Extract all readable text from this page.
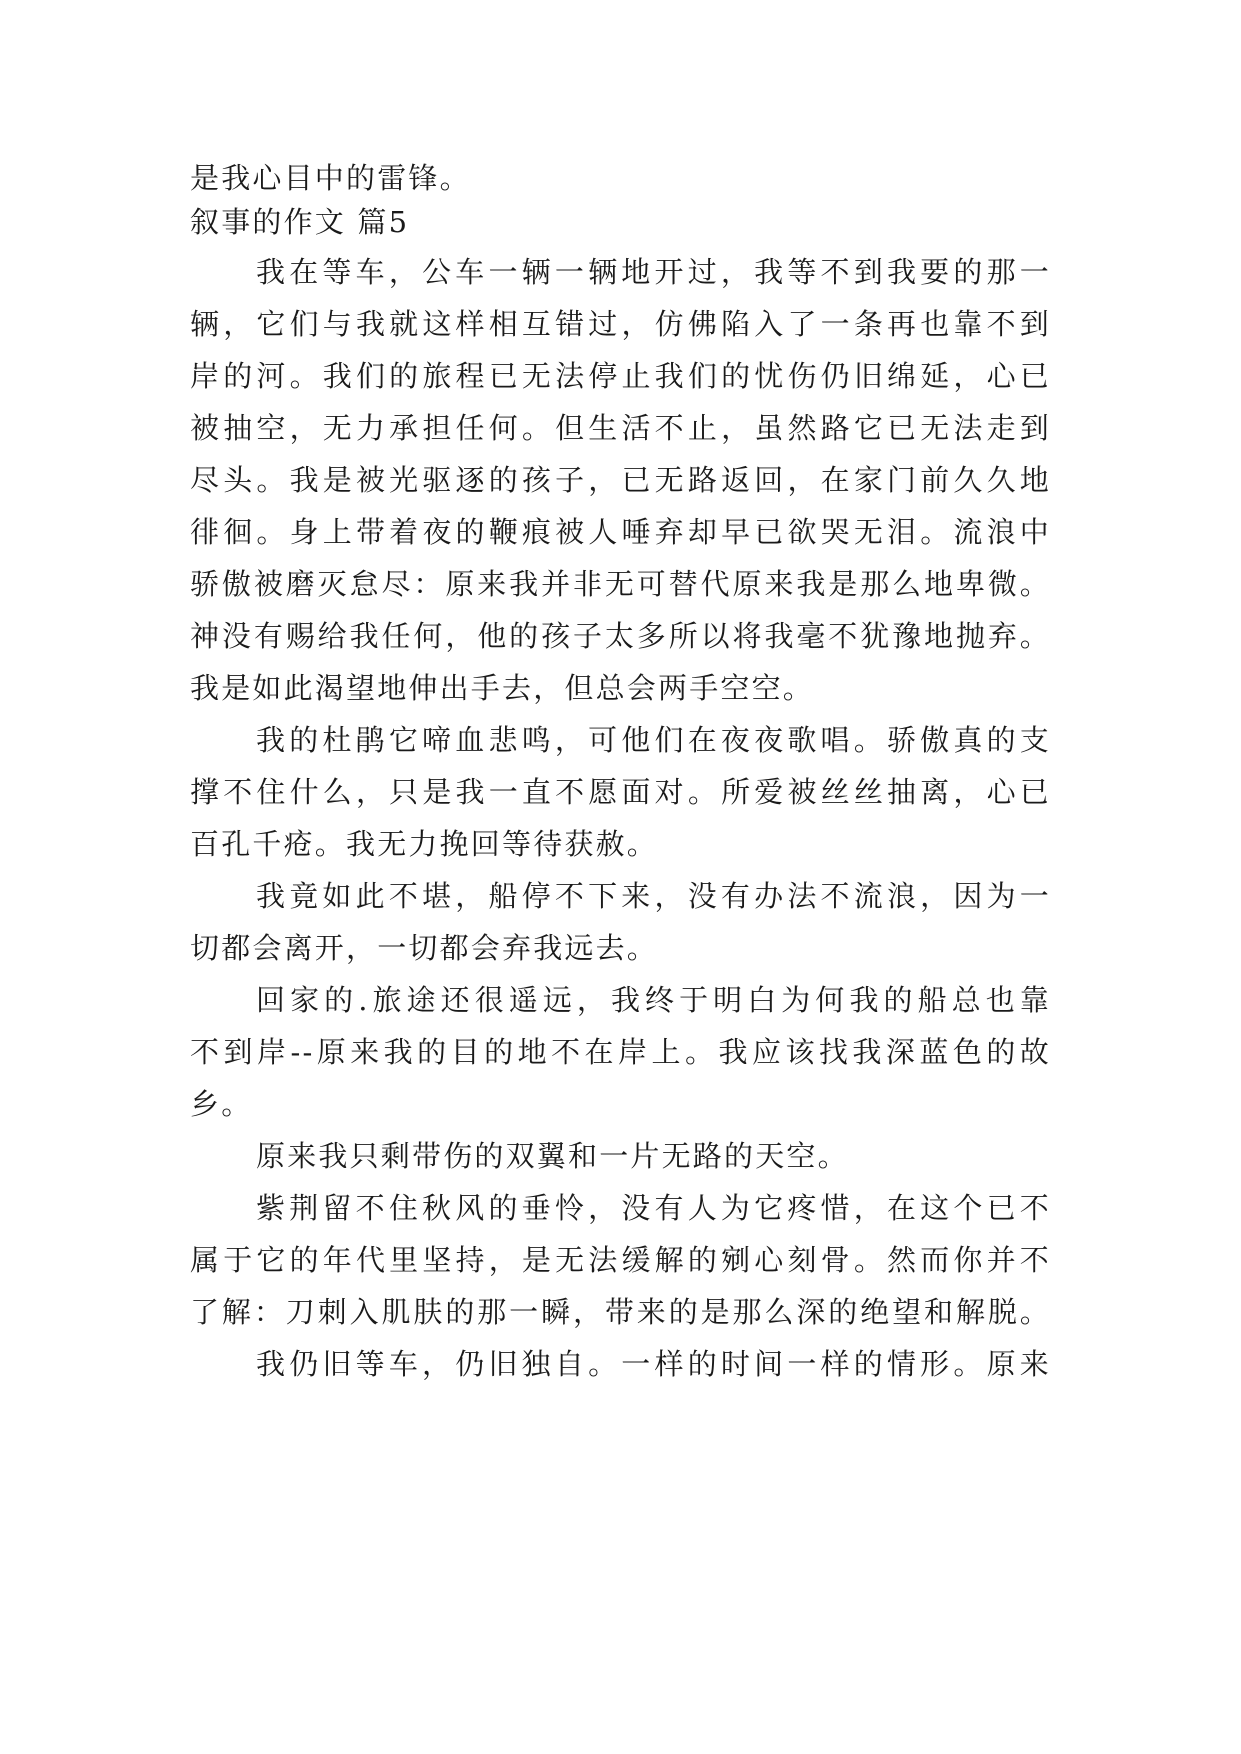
是我心目中的雷锋。
叙事的作文 篇5
我在等车，公车一辆一辆地开过，我等不到我要的那一
辆，它们与我就这样相互错过，仿佛陷入了一条再也靠不到
岸的河。我们的旅程已无法停止我们的忧伤仍旧绵延，心已
被抽空，无力承担任何。但生活不止，虽然路它已无法走到
尽头。我是被光驱逐的孩子，已无路返回，在家门前久久地
徘徊。身上带着夜的鞭痕被人唾弃却早已欲哭无泪。流浪中
骄傲被磨灭怠尽：原来我并非无可替代原来我是那么地卑微。
神没有赐给我任何，他的孩子太多所以将我毫不犹豫地抛弃。
我是如此渴望地伸出手去，但总会两手空空。
我的杜鹃它啼血悲鸣，可他们在夜夜歌唱。骄傲真的支
撑不住什么，只是我一直不愿面对。所爱被丝丝抽离，心已
百孔千疮。我无力挽回等待获赦。
我竟如此不堪，船停不下来，没有办法不流浪，因为一
切都会离开，一切都会弃我远去。
回家的.旅途还很遥远，我终于明白为何我的船总也靠
不到岸--原来我的目的地不在岸上。我应该找我深蓝色的故
乡。
原来我只剩带伤的双翼和一片无路的天空。
紫荆留不住秋风的垂怜，没有人为它疼惜，在这个已不
属于它的年代里坚持，是无法缓解的剜心刻骨。然而你并不
了解：刀刺入肌肤的那一瞬，带来的是那么深的绝望和解脱。
我仍旧等车，仍旧独自。一样的时间一样的情形。原来
